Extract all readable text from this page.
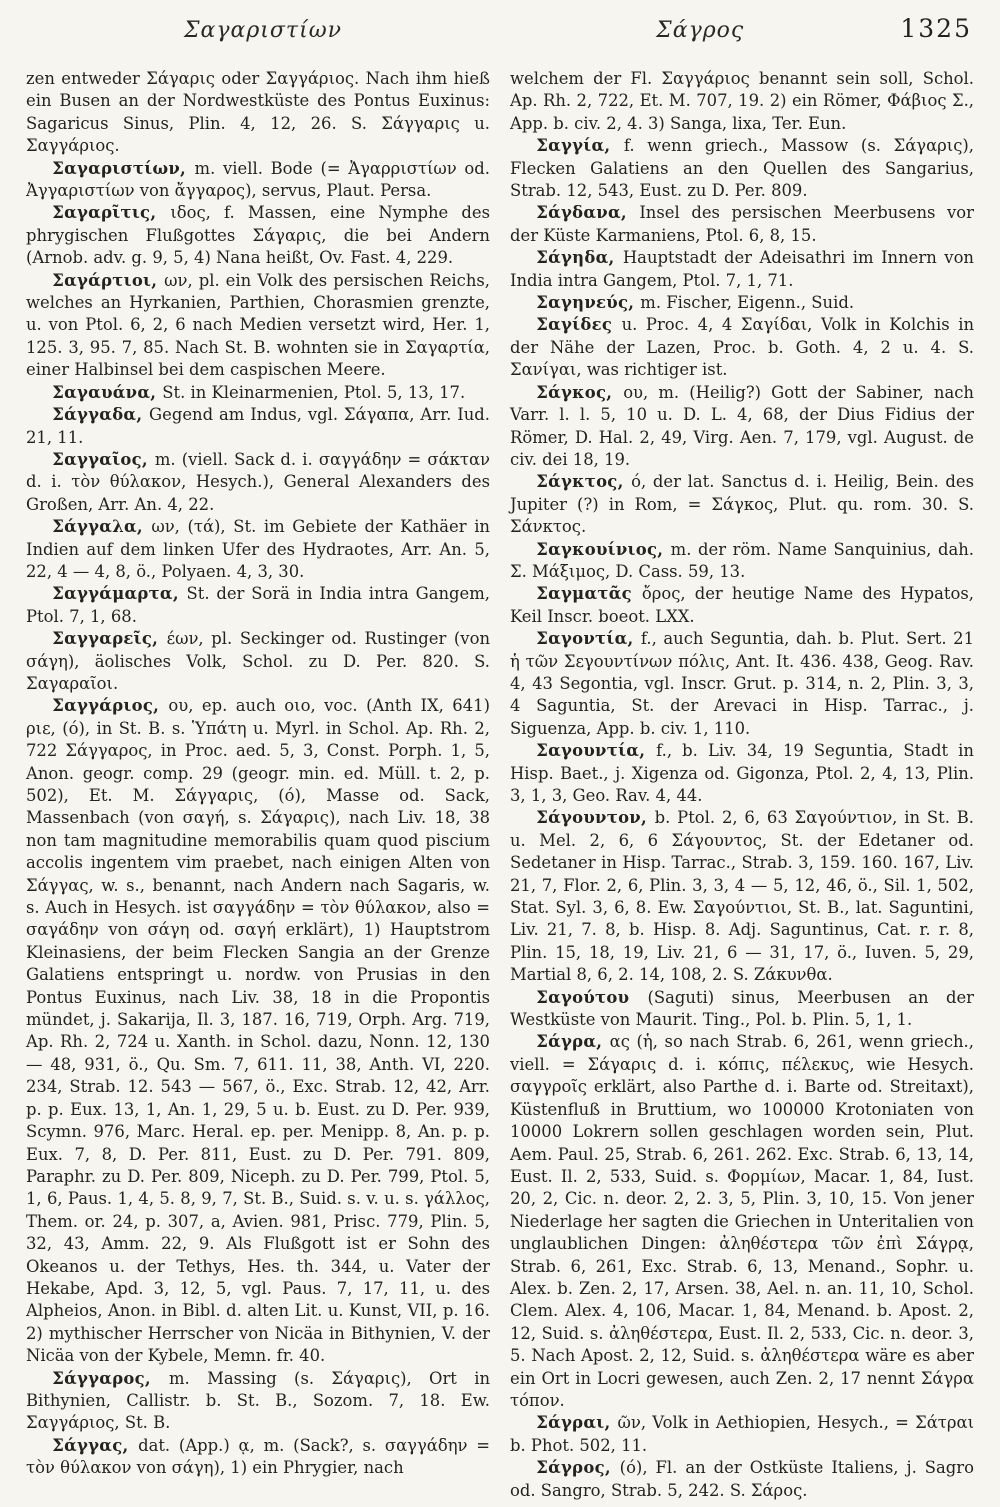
Σαγαριστίων	Σάγρος	1325

zen entweder Σάγαρις oder Σαγγάριος. Nach ihm hieß ein Busen an der Nordwestküste des Pontus Euxinus: Sagaricus Sinus, Plin. 4, 12, 26. S. Σάγγαρις u. Σαγγάριος.

Σαγαριστίων, m. viell. Bode (= Ἀγαρριστίων od. Ἀγγαριστίων von ἄγγαρος), servus, Plaut. Persa.

Σαγαρῖτις, ιδος, f. Massen, eine Nymphe des phrygischen Flußgottes Σάγαρις, die bei Andern (Arnob. adv. g. 9, 5, 4) Nana heißt, Ov. Fast. 4, 229.

Σαγάρτιοι, ων, pl. ein Volk des persischen Reichs, welches an Hyrkanien, Parthien, Chorasmien grenzte, u. von Ptol. 6, 2, 6 nach Medien versetzt wird, Her. 1, 125. 3, 95. 7, 85. Nach St. B. wohnten sie in Σαγαρτία, einer Halbinsel bei dem caspischen Meere.

Σαγαυάνα, St. in Kleinarmenien, Ptol. 5, 13, 17.

Σάγγαδα, Gegend am Indus, vgl. Σάγαπα, Arr. Iud. 21, 11.

Σαγγαῖος, m. (viell. Sack d. i. σαγγάδην = σάκταν d. i. τὸν θύλακον, Hesych.), General Alexanders des Großen, Arr. An. 4, 22.

Σάγγαλα, ων, (τά), St. im Gebiete der Kathäer in Indien auf dem linken Ufer des Hydraotes, Arr. An. 5, 22, 4 — 4, 8, ö., Polyaen. 4, 3, 30.

Σαγγάμαρτα, St. der Sorä in India intra Gangem, Ptol. 7, 1, 68.

Σαγγαρεῖς, έων, pl. Seckinger od. Rustinger (von σάγη), äolisches Volk, Schol. zu D. Per. 820. S. Σαγαραῖοι.

Σαγγάριος, ου, ep. auch οιο, voc. (Anth IX, 641) ριε, (ό), in St. B. s. Ὑπάτη u. Myrl. in Schol. Ap. Rh. 2, 722 Σάγγαρος, in Proc. aed. 5, 3, Const. Porph. 1, 5, Anon. geogr. comp. 29 (geogr. min. ed. Müll. t. 2, p. 502), Et. M. Σάγγαρις, (ό), Masse od. Sack, Massenbach (von σαγή, s. Σάγαρις), nach Liv. 18, 38 non tam magnitudine memorabilis quam quod piscium accolis ingentem vim praebet, nach einigen Alten von Σάγγας, w. s., benannt, nach Andern nach Sagaris, w. s. Auch in Hesych. ist σαγγάδην = τὸν θύλακον, also = σαγάδην von σάγη od. σαγή erklärt), 1) Hauptstrom Kleinasiens, der beim Flecken Sangia an der Grenze Galatiens entspringt u. nordw. von Prusias in den Pontus Euxinus, nach Liv. 38, 18 in die Propontis mündet, j. Sakarija, Il. 3, 187. 16, 719, Orph. Arg. 719, Ap. Rh. 2, 724 u. Xanth. in Schol. dazu, Nonn. 12, 130 — 48, 931, ö., Qu. Sm. 7, 611. 11, 38, Anth. VI, 220. 234, Strab. 12. 543 — 567, ö., Exc. Strab. 12, 42, Arr. p. p. Eux. 13, 1, An. 1, 29, 5 u. b. Eust. zu D. Per. 939, Scymn. 976, Marc. Heral. ep. per. Menipp. 8, An. p. p. Eux. 7, 8, D. Per. 811, Eust. zu D. Per. 791. 809, Paraphr. zu D. Per. 809, Niceph. zu D. Per. 799, Ptol. 5, 1, 6, Paus. 1, 4, 5. 8, 9, 7, St. B., Suid. s. v. u. s. γάλλος, Them. or. 24, p. 307, a, Avien. 981, Prisc. 779, Plin. 5, 32, 43, Amm. 22, 9. Als Flußgott ist er Sohn des Okeanos u. der Tethys, Hes. th. 344, u. Vater der Hekabe, Apd. 3, 12, 5, vgl. Paus. 7, 17, 11, u. des Alpheios, Anon. in Bibl. d. alten Lit. u. Kunst, VII, p. 16. 2) mythischer Herrscher von Nicäa in Bithynien, V. der Nicäa von der Kybele, Memn. fr. 40.

Σάγγαρος, m. Massing (s. Σάγαρις), Ort in Bithynien, Callistr. b. St. B., Sozom. 7, 18. Ew. Σαγγάριος, St. B.

Σάγγας, dat. (App.) ᾳ, m. (Sack?, s. σαγγάδην = τὸν θύλακον von σάγη), 1) ein Phrygier, nach

welchem der Fl. Σαγγάριος benannt sein soll, Schol. Ap. Rh. 2, 722, Et. M. 707, 19. 2) ein Römer, Φάβιος Σ., App. b. civ. 2, 4. 3) Sanga, lixa, Ter. Eun.

Σαγγία, f. wenn griech., Massow (s. Σάγαρις), Flecken Galatiens an den Quellen des Sangarius, Strab. 12, 543, Eust. zu D. Per. 809.

Σάγδανα, Insel des persischen Meerbusens vor der Küste Karmaniens, Ptol. 6, 8, 15.

Σάγηδα, Hauptstadt der Adeisathri im Innern von India intra Gangem, Ptol. 7, 1, 71.

Σαγηνεύς, m. Fischer, Eigenn., Suid.

Σαγίδες u. Proc. 4, 4 Σαγίδαι, Volk in Kolchis in der Nähe der Lazen, Proc. b. Goth. 4, 2 u. 4. S. Σανίγαι, was richtiger ist.

Σάγκος, ου, m. (Heilig?) Gott der Sabiner, nach Varr. l. l. 5, 10 u. D. L. 4, 68, der Dius Fidius der Römer, D. Hal. 2, 49, Virg. Aen. 7, 179, vgl. August. de civ. dei 18, 19.

Σάγκτος, ό, der lat. Sanctus d. i. Heilig, Bein. des Jupiter (?) in Rom, = Σάγκος, Plut. qu. rom. 30. S. Σάνκτος.

Σαγκουίνιος, m. der röm. Name Sanquinius, dah. Σ. Μάξιμος, D. Cass. 59, 13.

Σαγματᾶς ὄρος, der heutige Name des Hypatos, Keil Inscr. boeot. LXX.

Σαγοντία, f., auch Seguntia, dah. b. Plut. Sert. 21 ἡ τῶν Σεγουντίνων πόλις, Ant. It. 436. 438, Geog. Rav. 4, 43 Segontia, vgl. Inscr. Grut. p. 314, n. 2, Plin. 3, 3, 4 Saguntia, St. der Arevaci in Hisp. Tarrac., j. Siguenza, App. b. civ. 1, 110.

Σαγουντία, f., b. Liv. 34, 19 Seguntia, Stadt in Hisp. Baet., j. Xigenza od. Gigonza, Ptol. 2, 4, 13, Plin. 3, 1, 3, Geo. Rav. 4, 44.

Σάγουντον, b. Ptol. 2, 6, 63 Σαγούντιον, in St. B. u. Mel. 2, 6, 6 Σάγουντος, St. der Edetaner od. Sedetaner in Hisp. Tarrac., Strab. 3, 159. 160. 167, Liv. 21, 7, Flor. 2, 6, Plin. 3, 3, 4 — 5, 12, 46, ö., Sil. 1, 502, Stat. Syl. 3, 6, 8. Ew. Σαγούντιοι, St. B., lat. Saguntini, Liv. 21, 7. 8, b. Hisp. 8. Adj. Saguntinus, Cat. r. r. 8, Plin. 15, 18, 19, Liv. 21, 6 — 31, 17, ö., Iuven. 5, 29, Martial 8, 6, 2. 14, 108, 2. S. Ζάκυνθα.

Σαγούτου (Saguti) sinus, Meerbusen an der Westküste von Maurit. Ting., Pol. b. Plin. 5, 1, 1.

Σάγρα, ας (ἡ, so nach Strab. 6, 261, wenn griech., viell. = Σάγαρις d. i. κόπις, πέλεκυς, wie Hesych. σαγγροῖς erklärt, also Parthe d. i. Barte od. Streitaxt), Küstenfluß in Bruttium, wo 100000 Krotoniaten von 10000 Lokrern sollen geschlagen worden sein, Plut. Aem. Paul. 25, Strab. 6, 261. 262. Exc. Strab. 6, 13, 14, Eust. Il. 2, 533, Suid. s. Φορμίων, Macar. 1, 84, Iust. 20, 2, Cic. n. deor. 2, 2. 3, 5, Plin. 3, 10, 15. Von jener Niederlage her sagten die Griechen in Unteritalien von unglaublichen Dingen: ἀληθέστερα τῶν ἐπὶ Σάγρᾳ, Strab. 6, 261, Exc. Strab. 6, 13, Menand., Sophr. u. Alex. b. Zen. 2, 17, Arsen. 38, Ael. n. an. 11, 10, Schol. Clem. Alex. 4, 106, Macar. 1, 84, Menand. b. Apost. 2, 12, Suid. s. ἀληθέστερα, Eust. Il. 2, 533, Cic. n. deor. 3, 5. Nach Apost. 2, 12, Suid. s. ἀληθέστερα wäre es aber ein Ort in Locri gewesen, auch Zen. 2, 17 nennt Σάγρα τόπον.

Σάγραι, ῶν, Volk in Aethiopien, Hesych., = Σάτραι b. Phot. 502, 11.

Σάγρος, (ό), Fl. an der Ostküste Italiens, j. Sagro od. Sangro, Strab. 5, 242. S. Σάρος.
